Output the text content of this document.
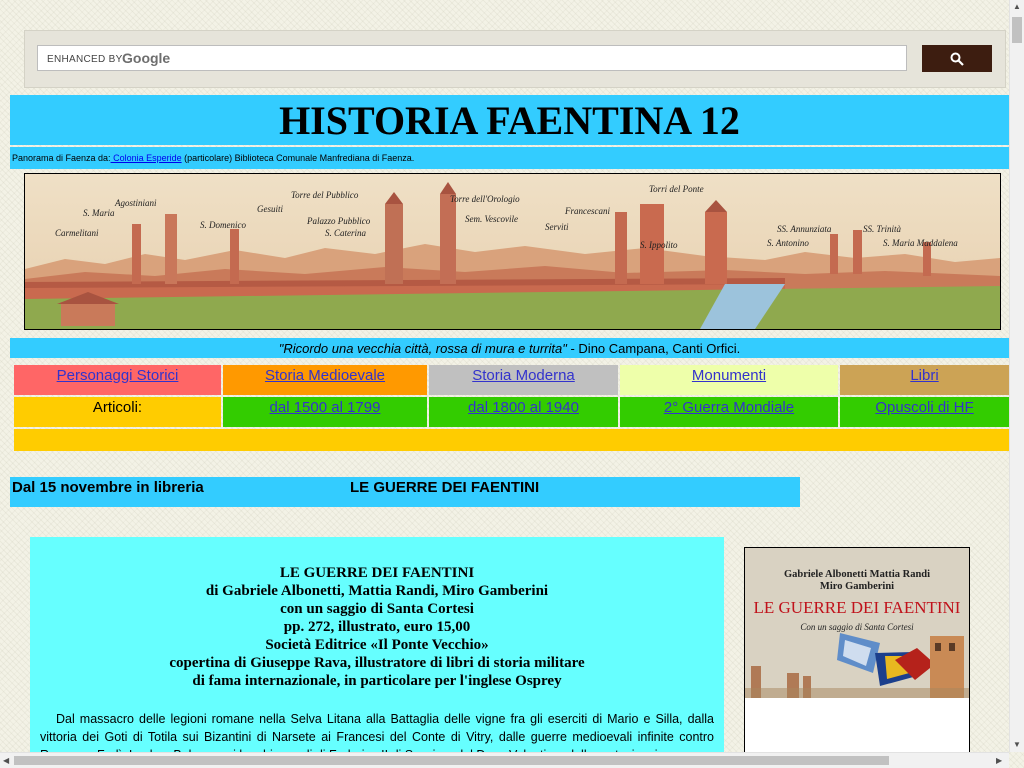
ENHANCED BY Google
HISTORIA FAENTINA 12
Panorama di Faenza da: Colonia Esperide (particolare) Biblioteca Comunale Manfrediana di Faenza.
Agostiniani
S. Maria
Carmelitani
S. Domenico
Gesuiti
Torre del Pubblico
Palazzo Pubblico
S. Caterina
Torre dell'Orologio
Sem. Vescovile
Francescani
Serviti
Torri del Ponte
S. Ippolito
SS. Annunziata
S. Antonino
SS. Trinità
S. Maria Maddalena
"Ricordo una vecchia città, rossa di mura e turrita" - Dino Campana, Canti Orfici.
Personaggi Storici	Storia Medioevale	Storia Moderna	Monumenti	Libri
Articoli:	dal 1500 al 1799	dal 1800 al 1940	2° Guerra Mondiale	Opuscoli di HF
Dal 15 novembre in libreria	LE GUERRE DEI FAENTINI
LE GUERRE DEI FAENTINI
di Gabriele Albonetti, Mattia Randi, Miro Gamberini
con un saggio di Santa Cortesi
pp. 272, illustrato, euro 15,00
Società Editrice «Il Ponte Vecchio»
copertina di Giuseppe Rava, illustratore di libri di storia militare
di fama internazionale, in particolare per l'inglese Osprey
Dal massacro delle legioni romane nella Selva Litana alla Battaglia delle vigne fra gli eserciti di Mario e Silla, dalla vittoria dei Goti di Totila sui Bizantini di Narsete ai Francesi del Conte di Vitry, dalle guerre medioevali infinite contro
Gabriele Albonetti Mattia Randi
Miro Gamberini
LE GUERRE DEI FAENTINI
Con un saggio di Santa Cortesi
▲
▼
◀	▶
